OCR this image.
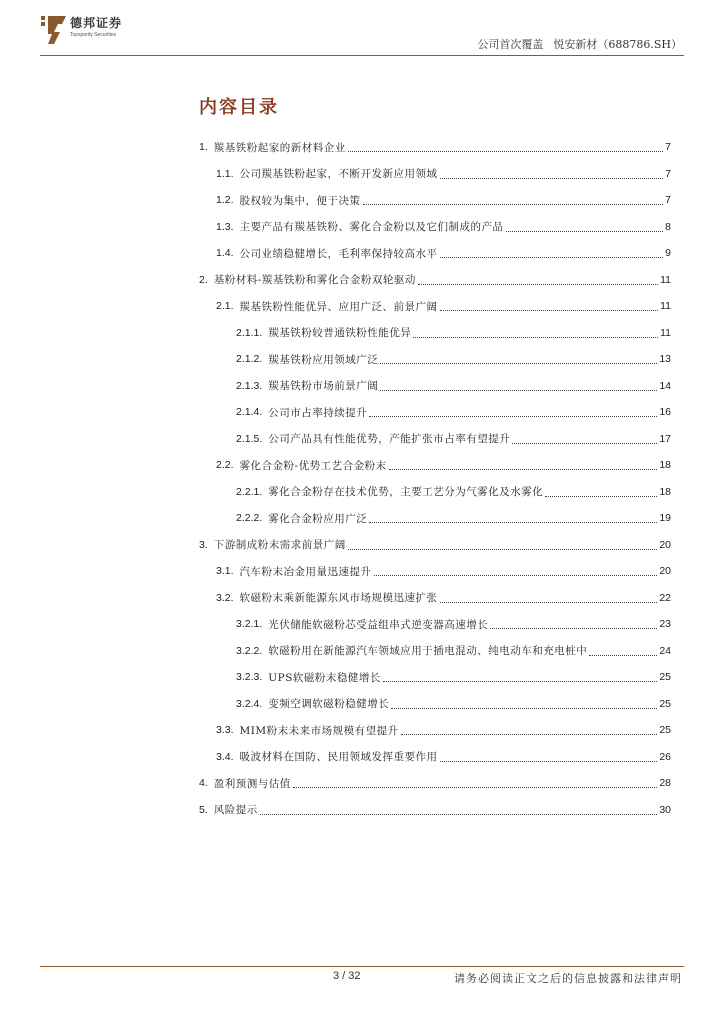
德邦证券
Topsperity Securities
公司首次覆盖 悦安新材（688786.SH）
内容目录
1. 羰基铁粉起家的新材料企业	7
1.1. 公司羰基铁粉起家，不断开发新应用领域	7
1.2. 股权较为集中，便于决策	7
1.3. 主要产品有羰基铁粉、雾化合金粉以及它们制成的产品	8
1.4. 公司业绩稳健增长，毛利率保持较高水平	9
2. 基粉材料-羰基铁粉和雾化合金粉双轮驱动	11
2.1. 羰基铁粉性能优异、应用广泛、前景广阔	11
2.1.1. 羰基铁粉较普通铁粉性能优异	11
2.1.2. 羰基铁粉应用领域广泛	13
2.1.3. 羰基铁粉市场前景广阔	14
2.1.4. 公司市占率持续提升	16
2.1.5. 公司产品具有性能优势，产能扩张市占率有望提升	17
2.2. 雾化合金粉-优势工艺合金粉末	18
2.2.1. 雾化合金粉存在技术优势，主要工艺分为气雾化及水雾化	18
2.2.2. 雾化合金粉应用广泛	19
3. 下游制成粉末需求前景广阔	20
3.1. 汽车粉末冶金用量迅速提升	20
3.2. 软磁粉末乘新能源东风市场规模迅速扩张	22
3.2.1. 光伏储能软磁粉芯受益组串式逆变器高速增长	23
3.2.2. 软磁粉用在新能源汽车领域应用于插电混动、纯电动车和充电桩中	24
3.2.3. UPS软磁粉末稳健增长	25
3.2.4. 变频空调软磁粉稳健增长	25
3.3. MIM粉末未来市场规模有望提升	25
3.4. 吸波材料在国防、民用领域发挥重要作用	26
4. 盈利预测与估值	28
5. 风险提示	30
3 / 32	请务必阅读正文之后的信息披露和法律声明
